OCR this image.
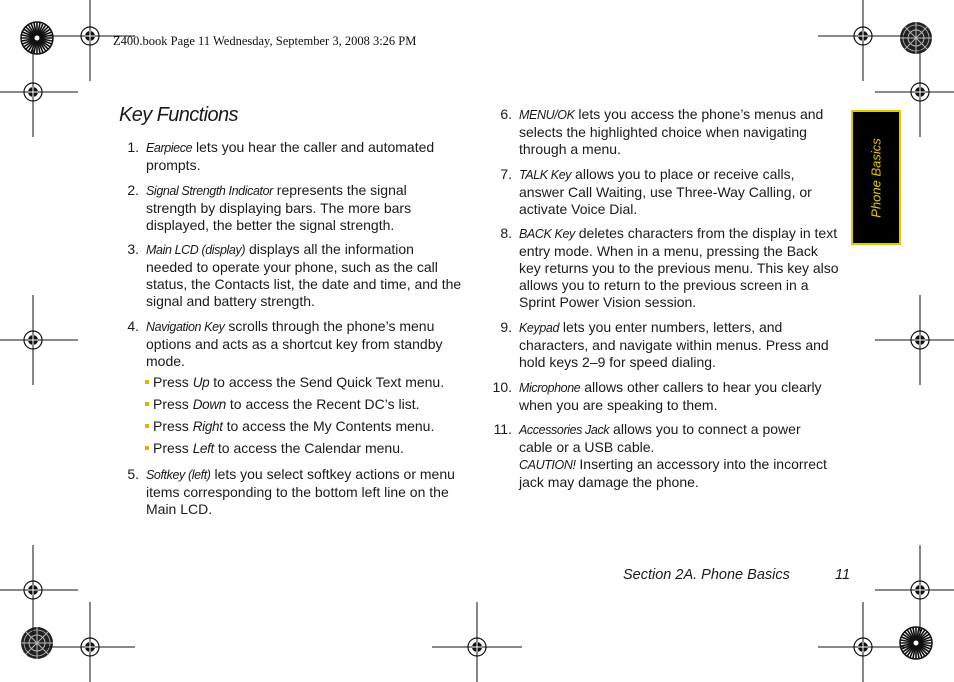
Z400.book Page 11 Wednesday, September 3, 2008 3:26 PM
Key Functions
Phone Basics
1. Earpiece lets you hear the caller and automated
prompts.
2. Signal Strength Indicator represents the signal
strength by displaying bars. The more bars
displayed, the better the signal strength.
3. Main LCD (display) displays all the information
needed to operate your phone, such as the call
status, the Contacts list, the date and time, and the
signal and battery strength.
4. Navigation Key scrolls through the phone’s menu
options and acts as a shortcut key from standby
mode.
Press Up to access the Send Quick Text menu.
Press Down to access the Recent DC’s list.
Press Right to access the My Contents menu.
Press Left to access the Calendar menu.
5. Softkey (left) lets you select softkey actions or menu
items corresponding to the bottom left line on the
Main LCD.
6. MENU/OK lets you access the phone’s menus and
selects the highlighted choice when navigating
through a menu.
7. TALK Key allows you to place or receive calls,
answer Call Waiting, use Three-Way Calling, or
activate Voice Dial.
8. BACK Key deletes characters from the display in text
entry mode. When in a menu, pressing the Back
key returns you to the previous menu. This key also
allows you to return to the previous screen in a
Sprint Power Vision session.
9. Keypad lets you enter numbers, letters, and
characters, and navigate within menus. Press and
hold keys 2–9 for speed dialing.
10. Microphone allows other callers to hear you clearly
when you are speaking to them.
11. Accessories Jack allows you to connect a power
cable or a USB cable.
CAUTION! Inserting an accessory into the incorrect
jack may damage the phone.
Section 2A. Phone Basics	11
